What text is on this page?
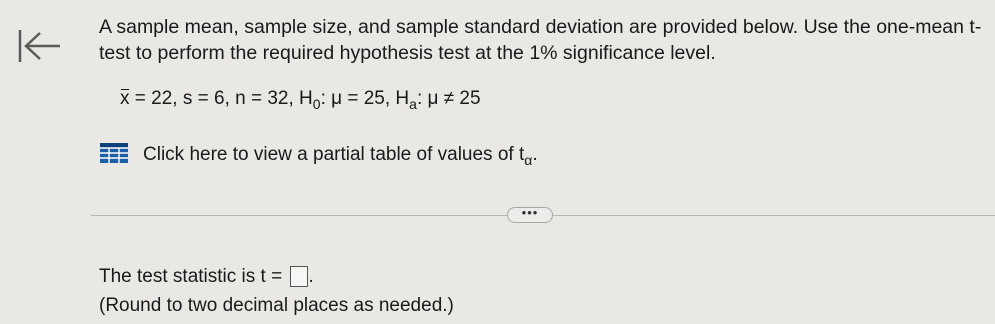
A sample mean, sample size, and sample standard deviation are provided below. Use the one-mean t-test to perform the required hypothesis test at the 1% significance level.
x = 22, s = 6, n = 32, $H_0$: μ = 25, $H_a$: μ ≠ 25
Click here to view a partial table of values of $t_\alpha$.
•••
The test statistic is t = .
(Round to two decimal places as needed.)
